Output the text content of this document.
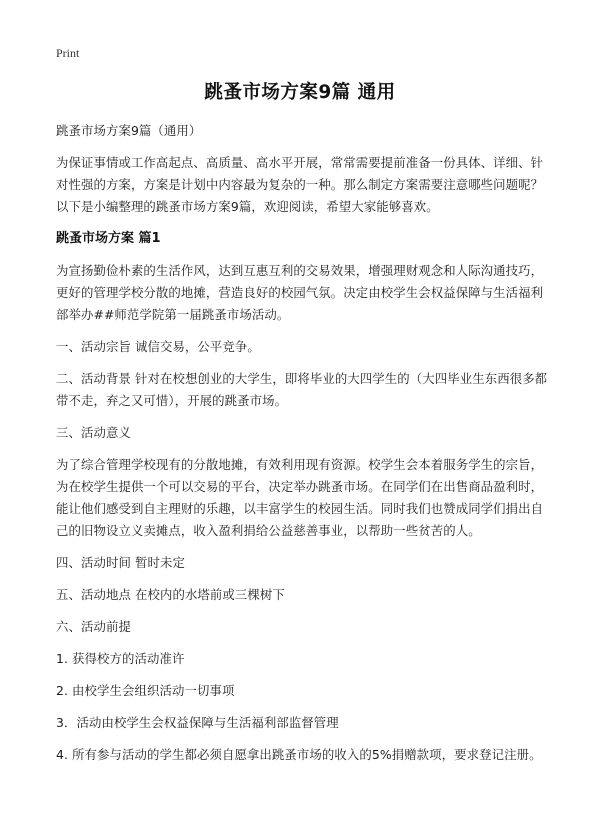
Print
跳蚤市场方案9篇 通用

跳蚤市场方案9篇（通用）

为保证事情或工作高起点、高质量、高水平开展，常常需要提前准备一份具体、详细、针对性强的方案，方案是计划中内容最为复杂的一种。那么制定方案需要注意哪些问题呢？以下是小编整理的跳蚤市场方案9篇，欢迎阅读，希望大家能够喜欢。

跳蚤市场方案 篇1

为宣扬勤俭朴素的生活作风，达到互惠互利的交易效果，增强理财观念和人际沟通技巧，更好的管理学校分散的地摊，营造良好的校园气氛。决定由校学生会权益保障与生活福利部举办##师范学院第一届跳蚤市场活动。

一、活动宗旨 诚信交易，公平竞争。

二、活动背景 针对在校想创业的大学生，即将毕业的大四学生的（大四毕业生东西很多都带不走，弃之又可惜），开展的跳蚤市场。

三、活动意义

为了综合管理学校现有的分散地摊，有效利用现有资源。校学生会本着服务学生的宗旨，为在校学生提供一个可以交易的平台，决定举办跳蚤市场。在同学们在出售商品盈利时，能让他们感受到自主理财的乐趣，以丰富学生的校园生活。同时我们也赞成同学们捐出自己的旧物设立义卖摊点，收入盈利捐给公益慈善事业，以帮助一些贫苦的人。

四、活动时间 暂时未定

五、活动地点 在校内的水塔前或三棵树下

六、活动前提

1. 获得校方的活动准许

2. 由校学生会组织活动一切事项

3．活动由校学生会权益保障与生活福利部监督管理

4. 所有参与活动的学生都必须自愿拿出跳蚤市场的收入的5%捐赠款项，要求登记注册。
